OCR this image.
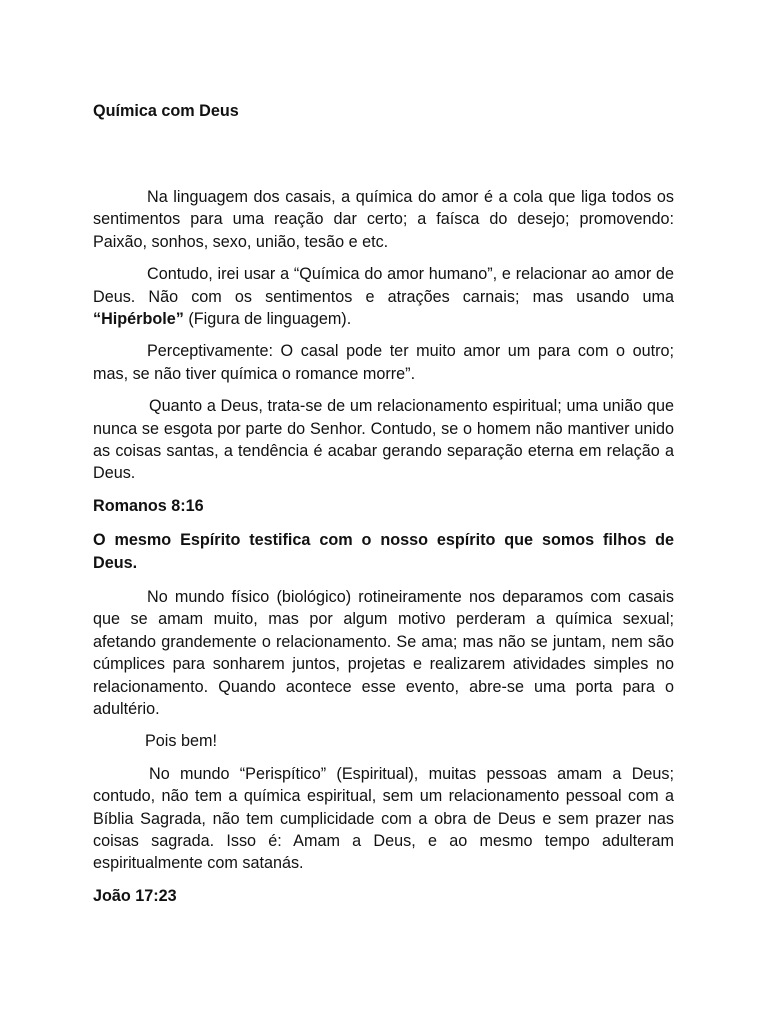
Química com Deus

Na linguagem dos casais, a química do amor é a cola que liga todos os sentimentos para uma reação dar certo; a faísca do desejo; promovendo: Paixão, sonhos, sexo, união, tesão e etc.

Contudo, irei usar a “Química do amor humano”, e relacionar ao amor de Deus. Não com os sentimentos e atrações carnais; mas usando uma “Hipérbole” (Figura de linguagem).

Perceptivamente: O casal pode ter muito amor um para com o outro; mas, se não tiver química o romance morre”.

Quanto a Deus, trata-se de um relacionamento espiritual; uma união que nunca se esgota por parte do Senhor. Contudo, se o homem não mantiver unido as coisas santas, a tendência é acabar gerando separação eterna em relação a Deus.

Romanos 8:16

O mesmo Espírito testifica com o nosso espírito que somos filhos de Deus.

No mundo físico (biológico) rotineiramente nos deparamos com casais que se amam muito, mas por algum motivo perderam a química sexual; afetando grandemente o relacionamento. Se ama; mas não se juntam, nem são cúmplices para sonharem juntos, projetas e realizarem atividades simples no relacionamento. Quando acontece esse evento, abre-se uma porta para o adultério.

Pois bem!

No mundo “Perispítico” (Espiritual), muitas pessoas amam a Deus; contudo, não tem a química espiritual, sem um relacionamento pessoal com a Bíblia Sagrada, não tem cumplicidade com a obra de Deus e sem prazer nas coisas sagrada. Isso é: Amam a Deus, e ao mesmo tempo adulteram espiritualmente com satanás.

João 17:23
